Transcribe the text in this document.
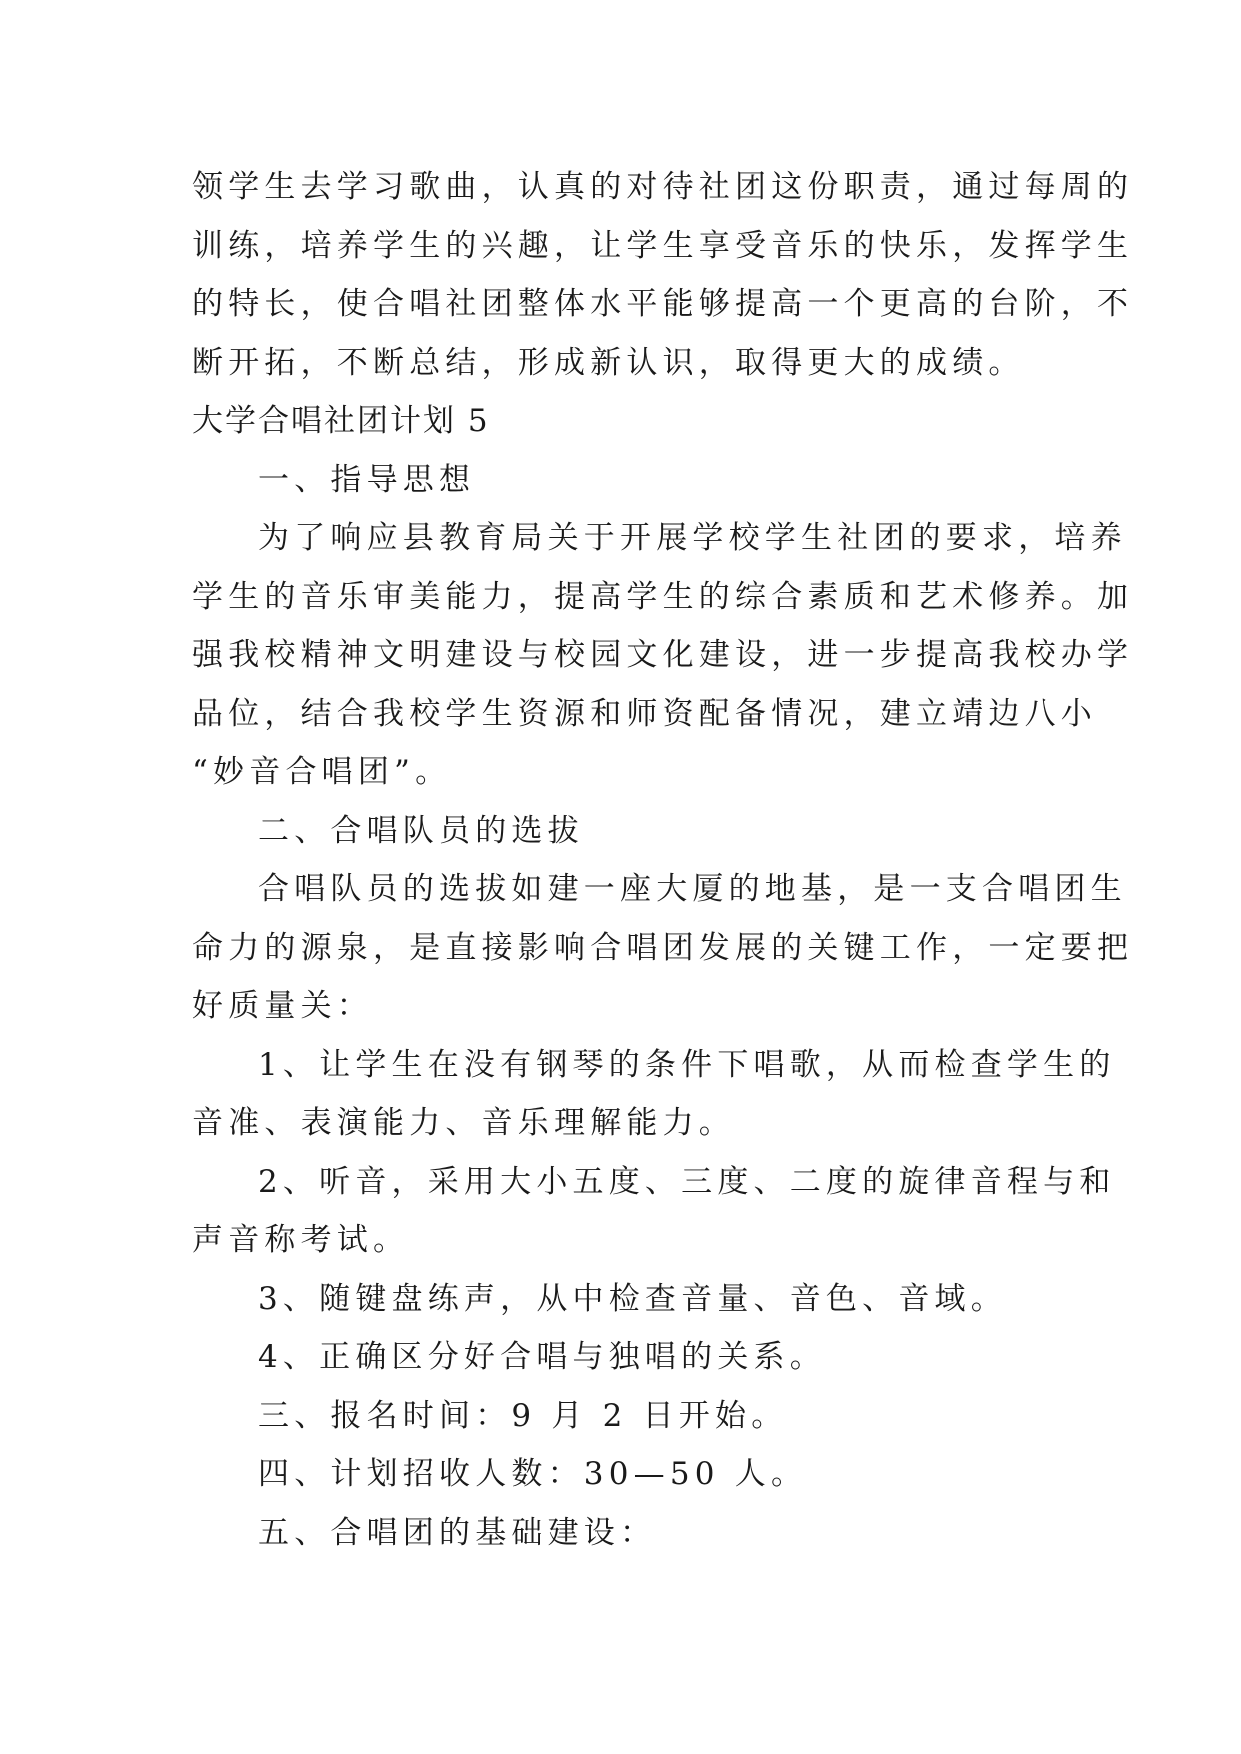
领学生去学习歌曲，认真的对待社团这份职责，通过每周的
训练，培养学生的兴趣，让学生享受音乐的快乐，发挥学生
的特长，使合唱社团整体水平能够提高一个更高的台阶，不
断开拓，不断总结，形成新认识，取得更大的成绩。
大学合唱社团计划 5
一、指导思想
为了响应县教育局关于开展学校学生社团的要求，培养
学生的音乐审美能力，提高学生的综合素质和艺术修养。加
强我校精神文明建设与校园文化建设，进一步提高我校办学
品位，结合我校学生资源和师资配备情况，建立靖边八小
“妙音合唱团”。
二、合唱队员的选拔
合唱队员的选拔如建一座大厦的地基，是一支合唱团生
命力的源泉，是直接影响合唱团发展的关键工作，一定要把
好质量关：
1、让学生在没有钢琴的条件下唱歌，从而检查学生的
音准、表演能力、音乐理解能力。
2、听音，采用大小五度、三度、二度的旋律音程与和
声音称考试。
3、随键盘练声，从中检查音量、音色、音域。
4、正确区分好合唱与独唱的关系。
三、报名时间：9 月 2 日开始。
四、计划招收人数：30—50 人。
五、合唱团的基础建设：
